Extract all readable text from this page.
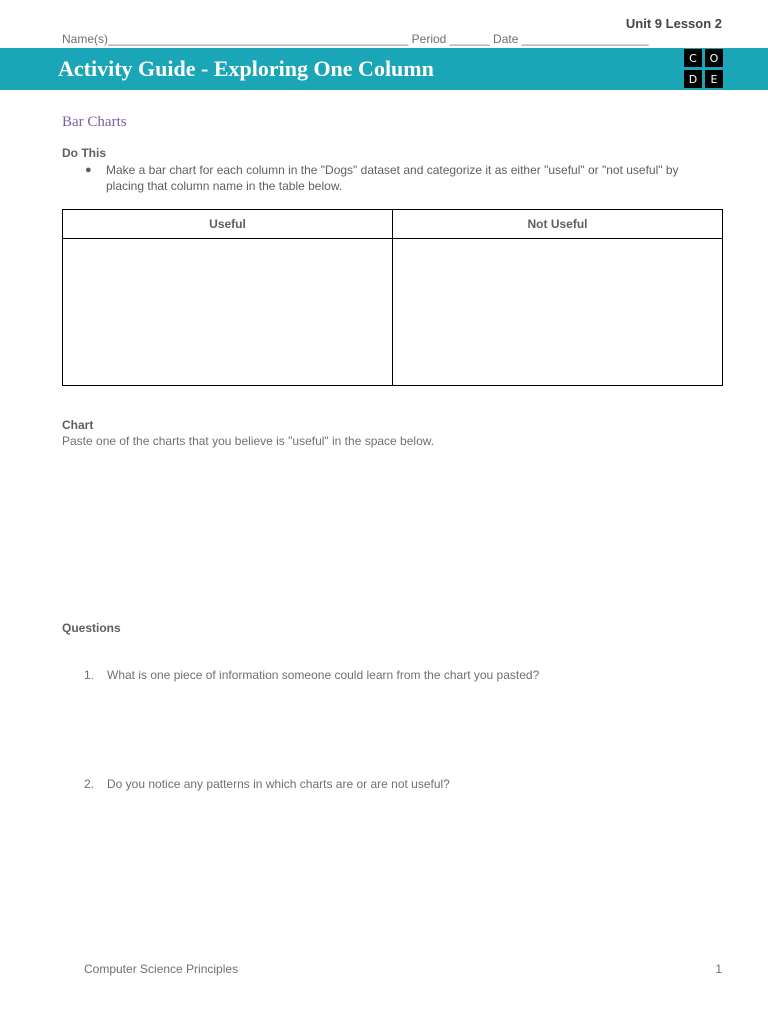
Unit 9 Lesson 2
Name(s)_____________________________________________ Period ______ Date ___________________
Activity Guide - Exploring One Column	C	O
D	E
Bar Charts
Do This
● Make a bar chart for each column in the "Dogs" dataset and categorize it as either "useful" or "not useful" by placing that column name in the table below.
Useful	Not Useful

Chart
Paste one of the charts that you believe is "useful" in the space below.
Questions
1. What is one piece of information someone could learn from the chart you pasted?
2. Do you notice any patterns in which charts are or are not useful?
Computer Science Principles	1
